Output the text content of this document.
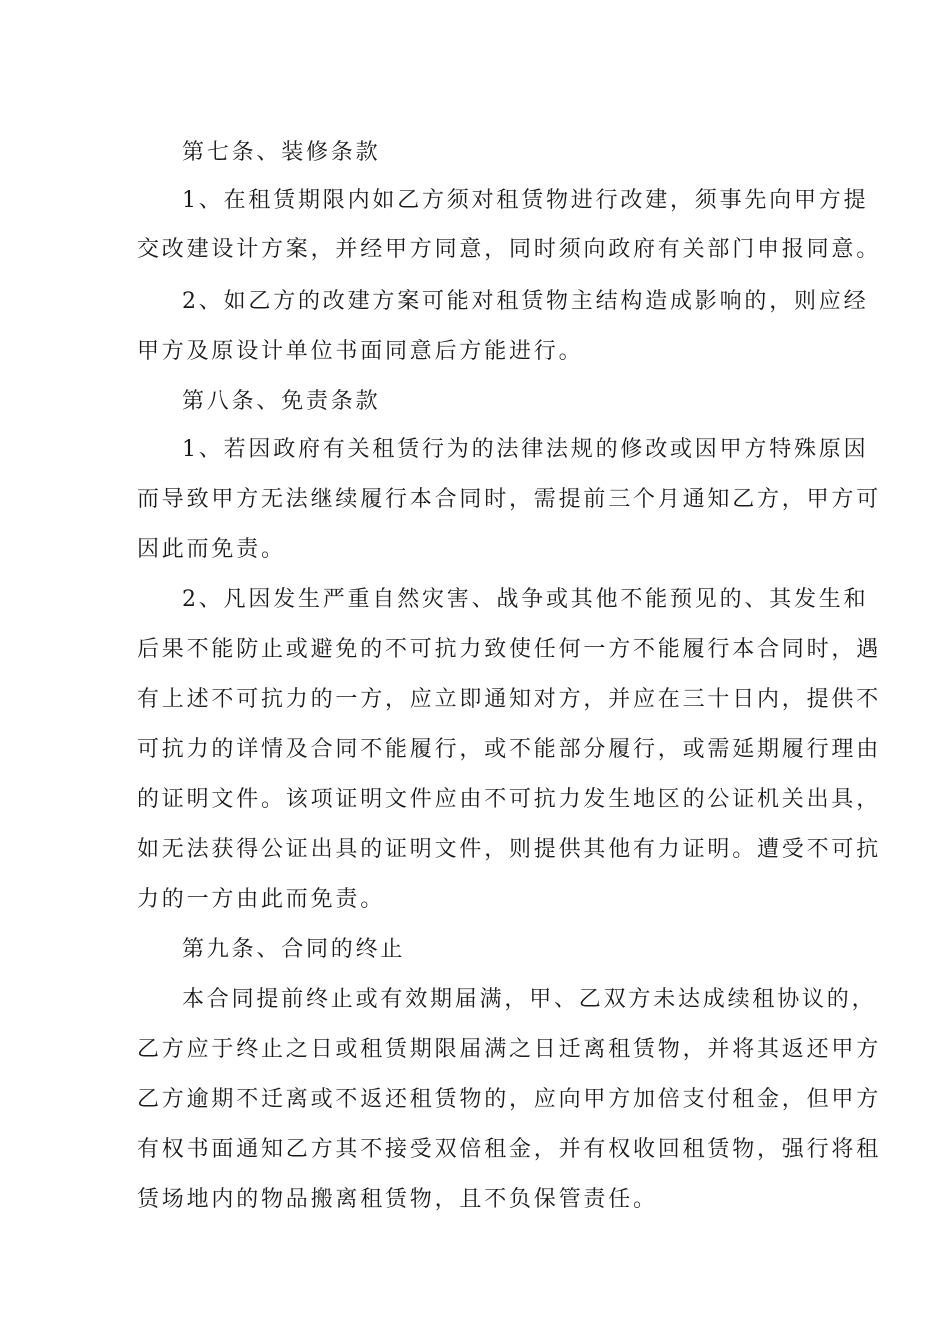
第七条、装修条款
1、在租赁期限内如乙方须对租赁物进行改建，须事先向甲方提
交改建设计方案，并经甲方同意，同时须向政府有关部门申报同意。
2、如乙方的改建方案可能对租赁物主结构造成影响的，则应经
甲方及原设计单位书面同意后方能进行。
第八条、免责条款
1、若因政府有关租赁行为的法律法规的修改或因甲方特殊原因
而导致甲方无法继续履行本合同时，需提前三个月通知乙方，甲方可
因此而免责。
2、凡因发生严重自然灾害、战争或其他不能预见的、其发生和
后果不能防止或避免的不可抗力致使任何一方不能履行本合同时，遇
有上述不可抗力的一方，应立即通知对方，并应在三十日内，提供不
可抗力的详情及合同不能履行，或不能部分履行，或需延期履行理由
的证明文件。该项证明文件应由不可抗力发生地区的公证机关出具，
如无法获得公证出具的证明文件，则提供其他有力证明。遭受不可抗
力的一方由此而免责。
第九条、合同的终止
本合同提前终止或有效期届满，甲、乙双方未达成续租协议的，
乙方应于终止之日或租赁期限届满之日迁离租赁物，并将其返还甲方
乙方逾期不迁离或不返还租赁物的，应向甲方加倍支付租金，但甲方
有权书面通知乙方其不接受双倍租金，并有权收回租赁物，强行将租
赁场地内的物品搬离租赁物，且不负保管责任。
